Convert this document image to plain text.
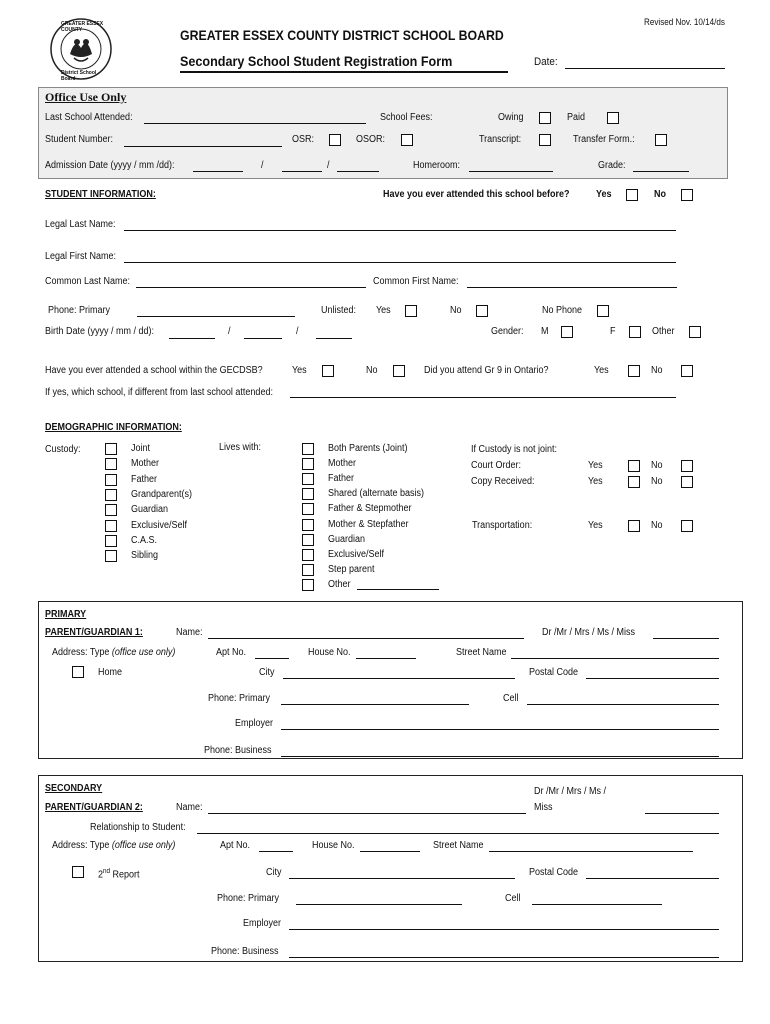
GREATER ESSEX COUNTY
District School Board
Revised Nov. 10/14/ds
GREATER ESSEX COUNTY DISTRICT SCHOOL BOARD
Secondary School Student Registration Form	Date:
Office Use Only
Last School Attended:	School Fees:	Owing	Paid
Student Number:	OSR:	OSOR:	Transcript:	Transfer Form.:
Admission Date (yyyy / mm /dd):	/	/	Homeroom:	Grade:
STUDENT INFORMATION:	Have you ever attended this school before?	Yes	No
Legal Last Name:
Legal First Name:
Common Last Name:	Common First Name:
Phone: Primary	Unlisted: Yes	No	No Phone
Birth Date (yyyy / mm / dd):	/	/	Gender: M	F	Other
Have you ever attended a school within the GECDSB?	Yes	No	Did you attend Gr 9 in Ontario?	Yes	No
If yes, which school, if different from last school attended:
DEMOGRAPHIC INFORMATION:
Custody:	Joint
Mother
Father
Grandparent(s)
Guardian
Exclusive/Self
C.A.S.
Sibling
Lives with:	Both Parents (Joint)
Mother
Father
Shared (alternate basis)
Father & Stepmother
Mother & Stepfather
Guardian
Exclusive/Self
Step parent
Other
If Custody is not joint:
Court Order:	Yes	No
Copy Received:	Yes	No
Transportation:	Yes	No
PRIMARY
PARENT/GUARDIAN 1:	Name:	Dr /Mr / Mrs / Ms / Miss
Address: Type (office use only)	Apt No.	House No.	Street Name
Home	City	Postal Code
Phone: Primary	Cell
Employer
Phone: Business
SECONDARY
PARENT/GUARDIAN 2:	Name:
Dr /Mr / Mrs / Ms /
Miss
Relationship to Student:
Address: Type (office use only)	Apt No.	House No.	Street Name
2nd Report	City	Postal Code
Phone: Primary	Cell
Employer
Phone: Business
